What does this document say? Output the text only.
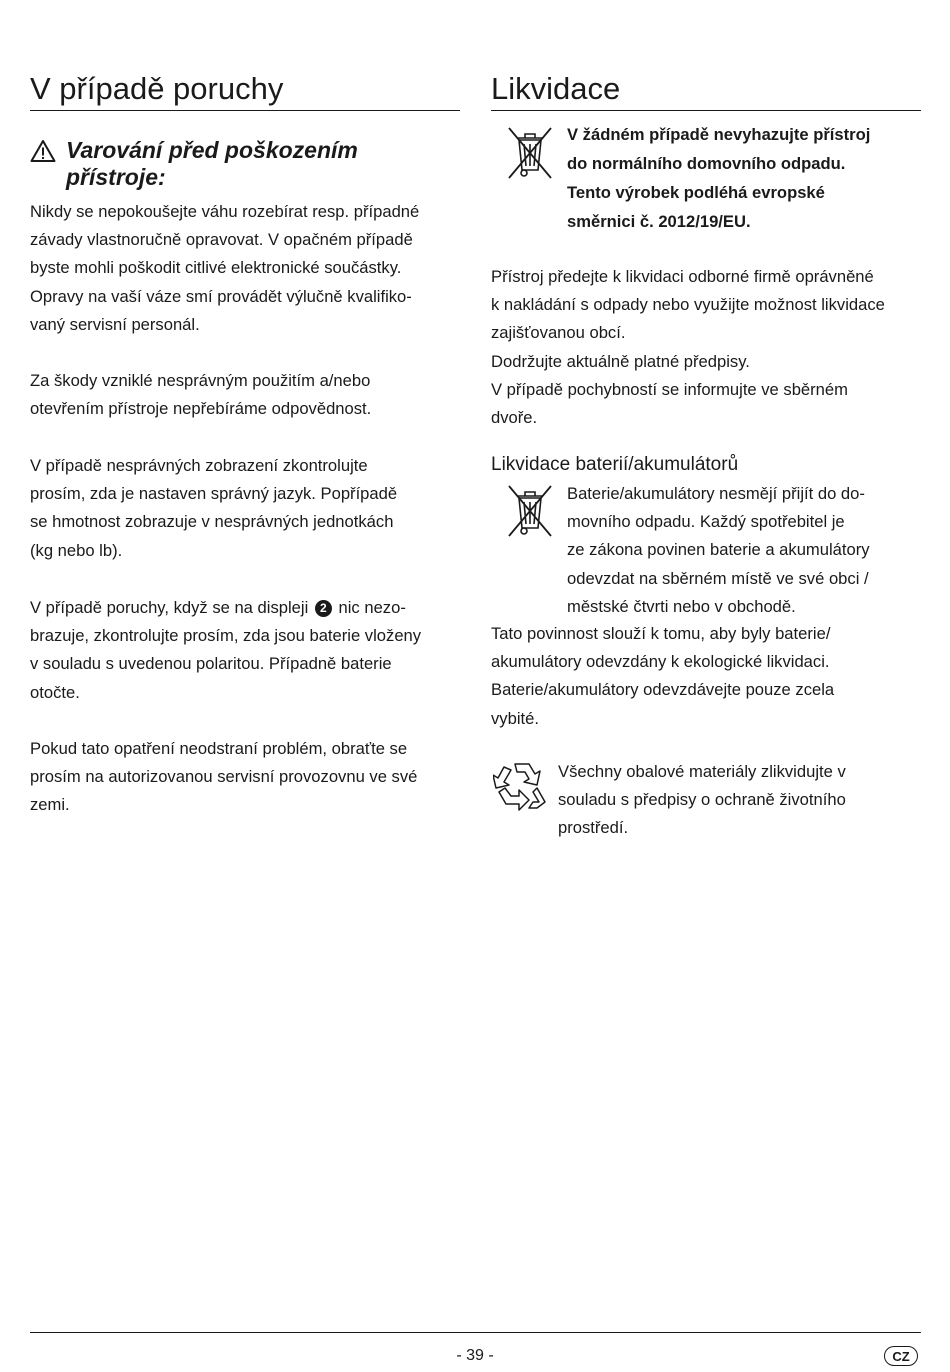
V případě poruchy
Varování před poškozením
přístroje:

Nikdy se nepokoušejte váhu rozebírat resp. případné
závady vlastnoručně opravovat. V opačném případě
byste mohli poškodit citlivé elektronické součástky.
Opravy na vaší váze smí provádět výlučně kvalifiko-
vaný servisní personál.

Za škody vzniklé nesprávným použitím a/nebo
otevřením přístroje nepřebíráme odpovědnost.

V případě nesprávných zobrazení zkontrolujte
prosím, zda je nastaven správný jazyk. Popřípadě
se hmotnost zobrazuje v nesprávných jednotkách
(kg nebo lb).

V případě poruchy, když se na displeji 2 nic nezo-
brazuje, zkontrolujte prosím, zda jsou baterie vloženy
v souladu s uvedenou polaritou. Případně baterie
otočte.

Pokud tato opatření neodstraní problém, obraťte se
prosím na autorizovanou servisní provozovnu ve své
zemi.

Likvidace
V žádném případě nevyhazujte přístroj
do normálního domovního odpadu.
Tento výrobek podléhá evropské
směrnici č. 2012/19/EU.

Přístroj předejte k likvidaci odborné firmě oprávněné
k nakládání s odpady nebo využijte možnost likvidace
zajišťovanou obcí.
Dodržujte aktuálně platné předpisy.
V případě pochybností se informujte ve sběrném
dvoře.

Likvidace baterií/akumulátorů

Baterie/akumulátory nesmějí přijít do do-
movního odpadu. Každý spotřebitel je
ze zákona povinen baterie a akumulátory
odevzdat na sběrném místě ve své obci /
městské čtvrti nebo v obchodě.

Tato povinnost slouží k tomu, aby byly baterie/
akumulátory odevzdány k ekologické likvidaci.
Baterie/akumulátory odevzdávejte pouze zcela
vybité.

Všechny obalové materiály zlikvidujte v
souladu s předpisy o ochraně životního
prostředí.

- 39 -	CZ
